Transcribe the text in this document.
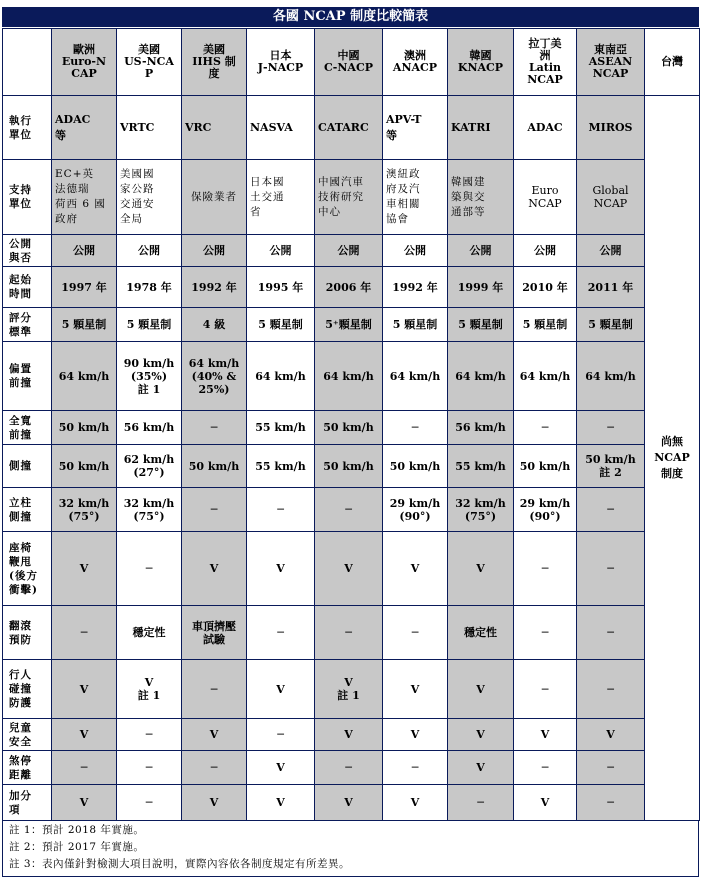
各國 NCAP 制度比較簡表
	歐洲
Euro-N
CAP	美國
US-NCA
P	美國
IIHS 制
度	日本
J-NACP	中國
C-NACP	澳洲
ANACP	韓國
KNACP	拉丁美
洲
Latin
NCAP	東南亞
ASEAN
NCAP	台灣
執行
單位	ADAC
等	VRTC	VRC	NASVA	CATARC	APV-T
等	KATRI	ADAC	MIROS	尚無
NCAP
制度
支持
單位	EC+英
法德瑞
荷西 6 國
政府	美國國
家公路
交通安
全局	保險業者	日本國
土交通
省	中國汽車
技術研究
中心	澳紐政
府及汽
車相關
協會	韓國建
築與交
通部等	Euro
NCAP	Global
NCAP	
公開
與否	公開	公開	公開	公開	公開	公開	公開	公開	公開	
起始
時間	1997 年	1978 年	1992 年	1995 年	2006 年	1992 年	1999 年	2010 年	2011 年	
評分
標準	5 顆星制	5 顆星制	4 級	5 顆星制	5⁺顆星制	5 顆星制	5 顆星制	5 顆星制	5 顆星制	
偏置
前撞	64 km/h	90 km/h
(35%)
註 1	64 km/h
(40% &
25%)	64 km/h	64 km/h	64 km/h	64 km/h	64 km/h	64 km/h	
全寬
前撞	50 km/h	56 km/h	─	55 km/h	50 km/h	─	56 km/h	─	─	
側撞	50 km/h	62 km/h
(27°)	50 km/h	55 km/h	50 km/h	50 km/h	55 km/h	50 km/h	50 km/h
註 2	
立柱
側撞	32 km/h
(75°)	32 km/h
(75°)	─	─	─	29 km/h
(90°)	32 km/h
(75°)	29 km/h
(90°)	─	
座椅
鞭甩
(後方
衝擊)	V	─	V	V	V	V	V	─	─	
翻滾
預防	─	穩定性	車頂擠壓
試驗	─	─	─	穩定性	─	─	
行人
碰撞
防護	V	V
註 1	─	V	V
註 1	V	V	─	─	
兒童
安全	V	─	V	─	V	V	V	V	V	
煞停
距離	─	─	─	V	─	─	V	─	─	
加分
項	V	─	V	V	V	V	─	V	─	
註 1：預計 2018 年實施。
註 2：預計 2017 年實施。
註 3：表內僅針對檢測大項目說明，實際內容依各制度規定有所差異。
